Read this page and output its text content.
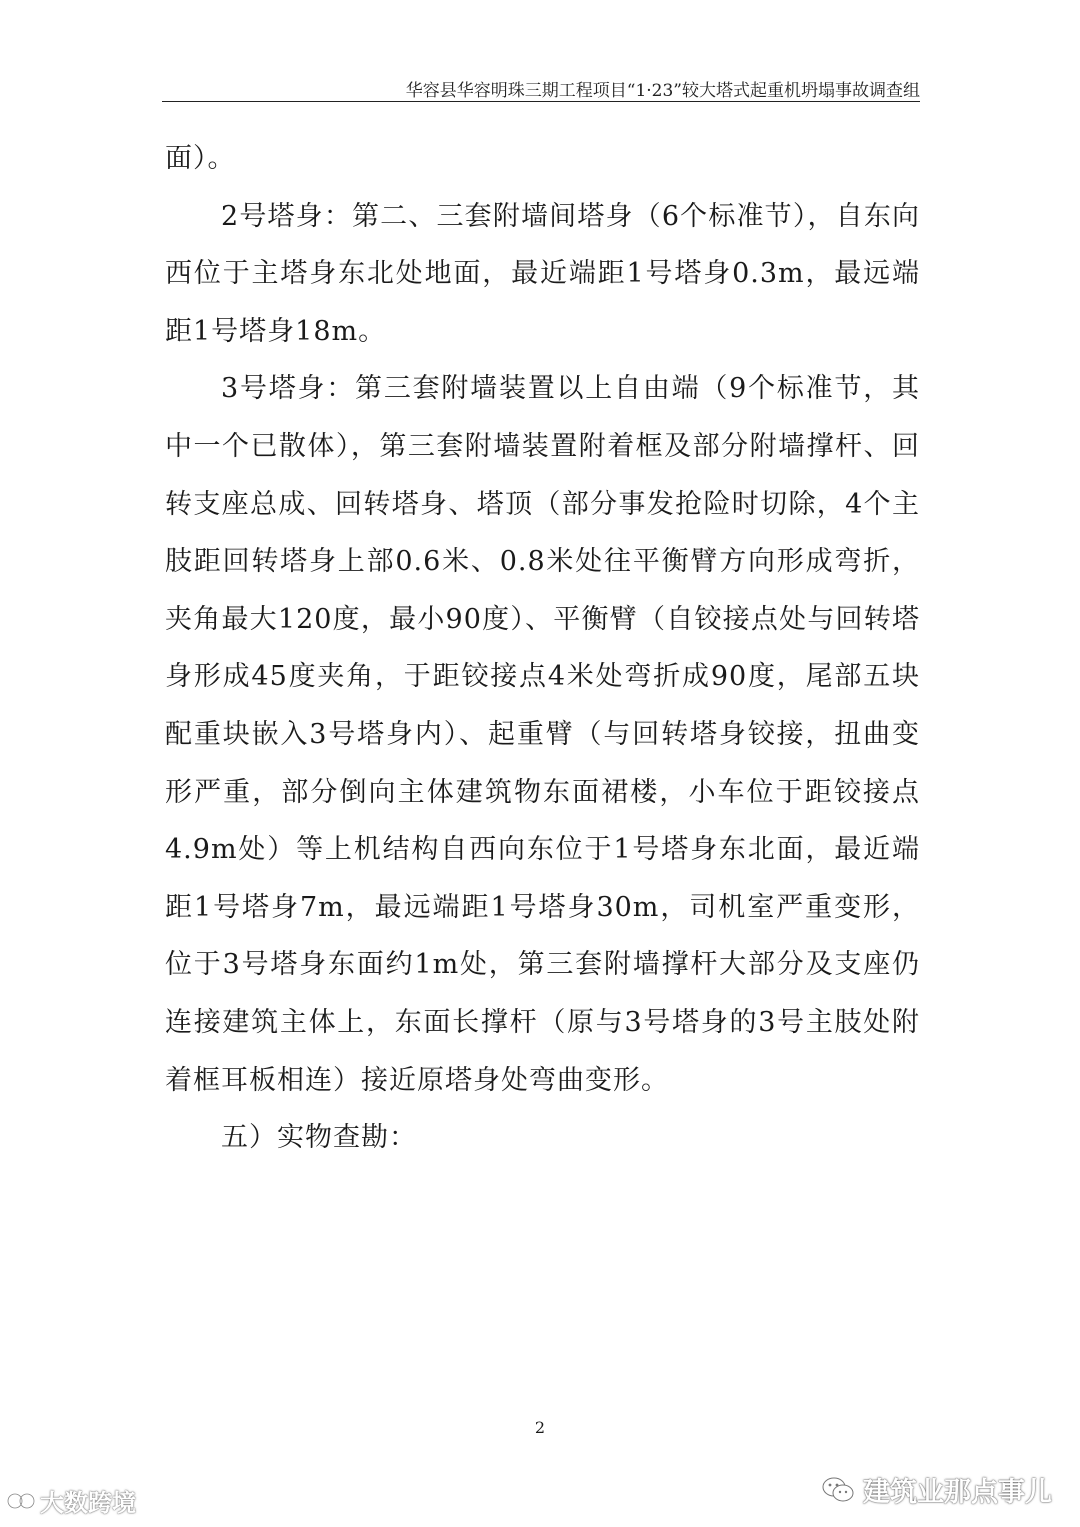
华容县华容明珠三期工程项目“1·23”较大塔式起重机坍塌事故调查组

面）。

2号塔身：第二、三套附墙间塔身（6个标准节），自东向西位于主塔身东北处地面，最近端距1号塔身0.3m，最远端距1号塔身18m。

3号塔身：第三套附墙装置以上自由端（9个标准节，其中一个已散体），第三套附墙装置附着框及部分附墙撑杆、回转支座总成、回转塔身、塔顶（部分事发抢险时切除，4个主肢距回转塔身上部0.6米、0.8米处往平衡臂方向形成弯折，夹角最大120度，最小90度）、平衡臂（自铰接点处与回转塔身形成45度夹角，于距铰接点4米处弯折成90度，尾部五块配重块嵌入3号塔身内）、起重臂（与回转塔身铰接，扭曲变形严重，部分倒向主体建筑物东面裙楼，小车位于距铰接点4.9m处）等上机结构自西向东位于1号塔身东北面，最近端距1号塔身7m，最远端距1号塔身30m，司机室严重变形，位于3号塔身东面约1m处，第三套附墙撑杆大部分及支座仍连接建筑主体上，东面长撑杆（原与3号塔身的3号主肢处附着框耳板相连）接近原塔身处弯曲变形。

五）实物查勘：

2
大数跨境	建筑业那点事儿
